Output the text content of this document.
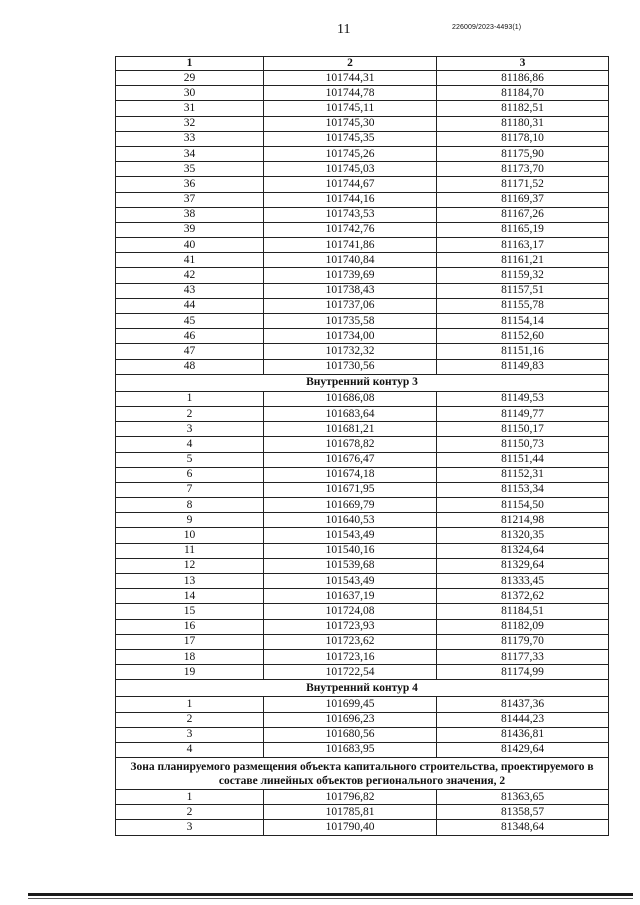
11	226009/2023-4493(1)
1	2	3
29	101744,31	81186,86
30	101744,78	81184,70
31	101745,11	81182,51
32	101745,30	81180,31
33	101745,35	81178,10
34	101745,26	81175,90
35	101745,03	81173,70
36	101744,67	81171,52
37	101744,16	81169,37
38	101743,53	81167,26
39	101742,76	81165,19
40	101741,86	81163,17
41	101740,84	81161,21
42	101739,69	81159,32
43	101738,43	81157,51
44	101737,06	81155,78
45	101735,58	81154,14
46	101734,00	81152,60
47	101732,32	81151,16
48	101730,56	81149,83
Внутренний контур 3		
1	101686,08	81149,53
2	101683,64	81149,77
3	101681,21	81150,17
4	101678,82	81150,73
5	101676,47	81151,44
6	101674,18	81152,31
7	101671,95	81153,34
8	101669,79	81154,50
9	101640,53	81214,98
10	101543,49	81320,35
11	101540,16	81324,64
12	101539,68	81329,64
13	101543,49	81333,45
14	101637,19	81372,62
15	101724,08	81184,51
16	101723,93	81182,09
17	101723,62	81179,70
18	101723,16	81177,33
19	101722,54	81174,99
Внутренний контур 4		
1	101699,45	81437,36
2	101696,23	81444,23
3	101680,56	81436,81
4	101683,95	81429,64
Зона планируемого размещения объекта капитального строительства, проектируемого в составе линейных объектов регионального значения, 2		
1	101796,82	81363,65
2	101785,81	81358,57
3	101790,40	81348,64
